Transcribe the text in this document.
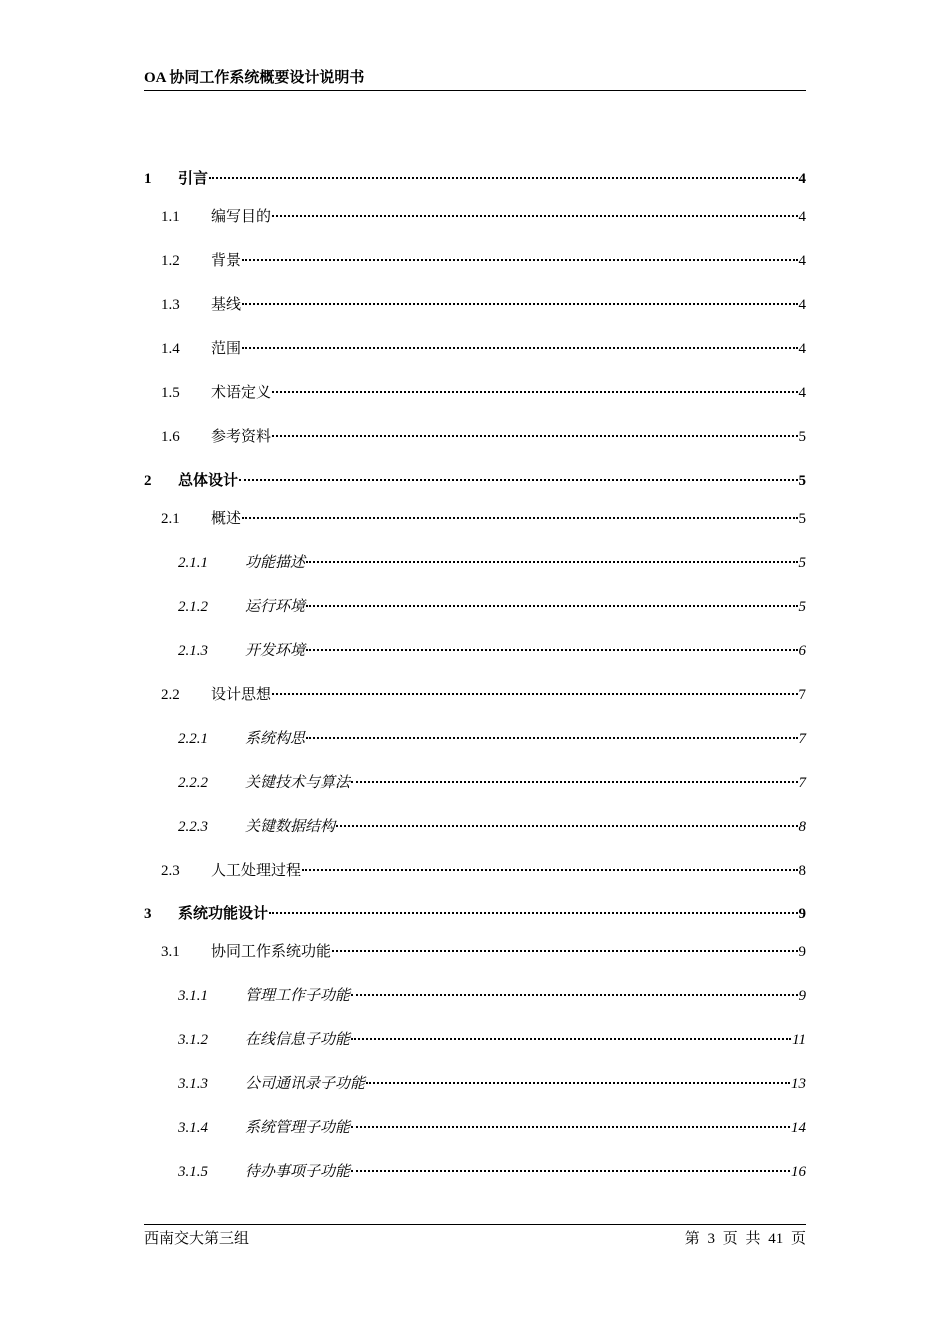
OA 协同工作系统概要设计说明书
1	引言	4
1.1	编写目的	4
1.2	背景	4
1.3	基线	4
1.4	范围	4
1.5	术语定义	4
1.6	参考资料	5
2	总体设计	5
2.1	概述	5
2.1.1	功能描述	5
2.1.2	运行环境	5
2.1.3	开发环境	6
2.2	设计思想	7
2.2.1	系统构思	7
2.2.2	关键技术与算法	7
2.2.3	关键数据结构	8
2.3	人工处理过程	8
3	系统功能设计	9
3.1	协同工作系统功能	9
3.1.1	管理工作子功能	9
3.1.2	在线信息子功能	11
3.1.3	公司通讯录子功能	13
3.1.4	系统管理子功能	14
3.1.5	待办事项子功能	16
西南交大第三组	第 3 页 共 41 页
